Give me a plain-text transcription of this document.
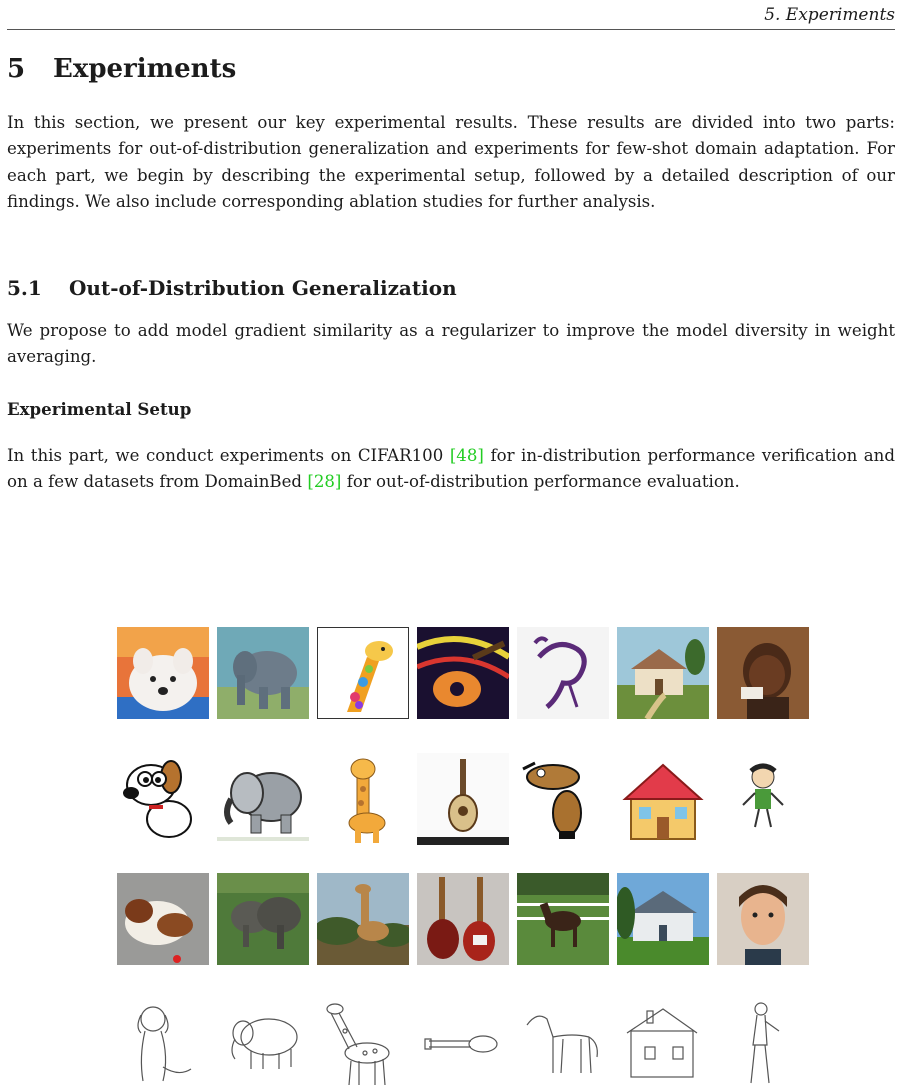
5. Experiments
5 Experiments

In this section, we present our key experimental results. These results are divided into two parts: experiments for out-of-distribution generalization and experiments for few-shot domain adaptation. For each part, we begin by describing the experimental setup, followed by a detailed description of our findings. We also include corresponding ablation studies for further analysis.

5.1 Out-of-Distribution Generalization

We propose to add model gradient similarity as a regularizer to improve the model diversity in weight averaging.

Experimental Setup

In this part, we conduct experiments on CIFAR100 [48] for in-distribution performance verification and on a few datasets from DomainBed [28] for out-of-distribution performance evaluation.
